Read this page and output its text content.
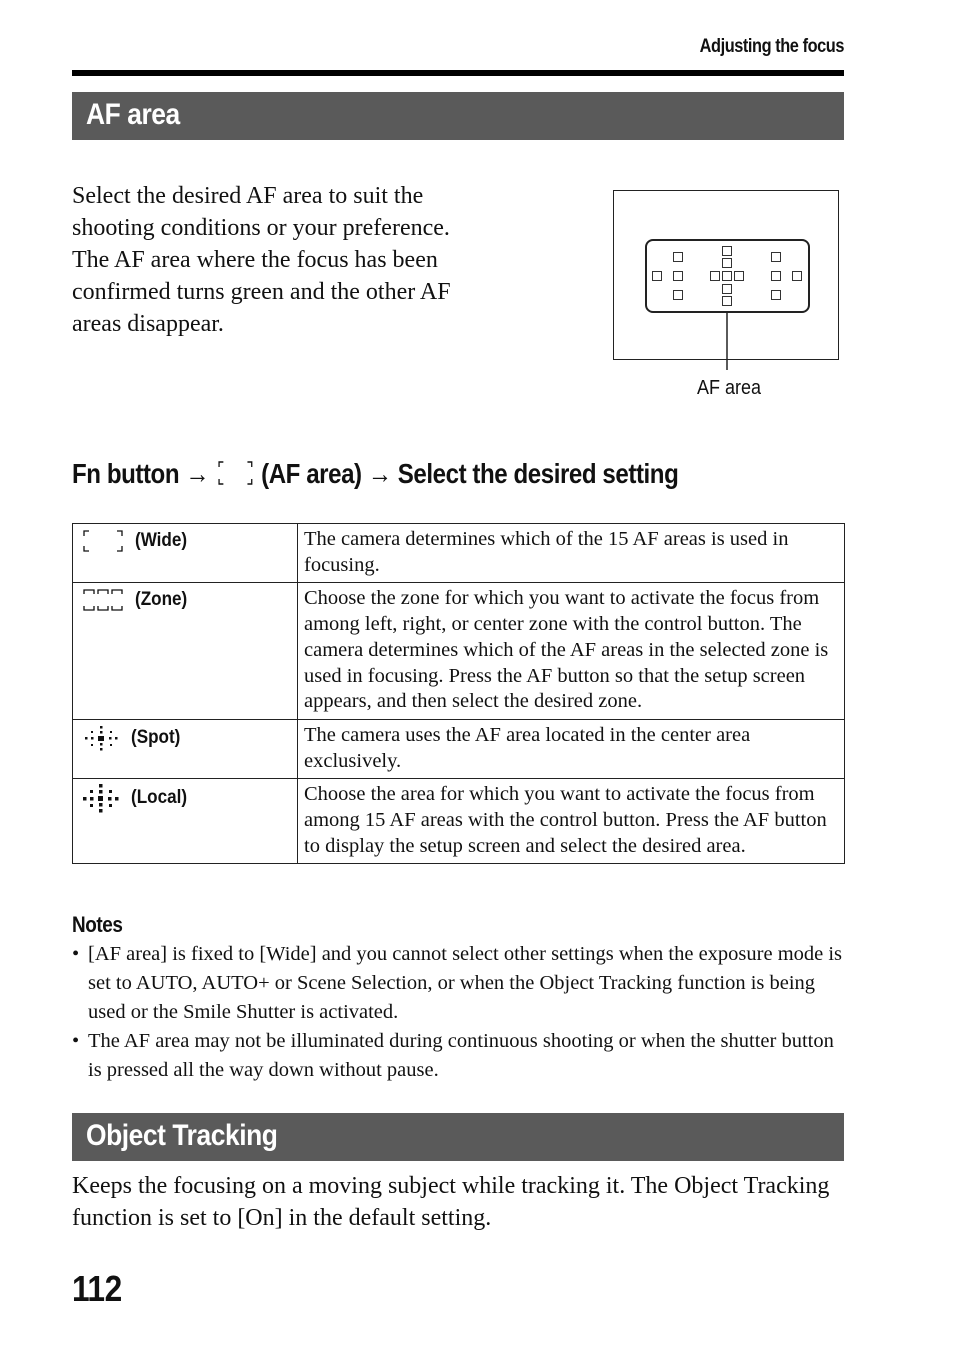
Adjusting the focus
AF area
Select the desired AF area to suit the shooting conditions or your preference. The AF area where the focus has been confirmed turns green and the other AF areas disappear.
AF area
Fn button → (AF area) → Select the desired setting
(Wide)	The camera determines which of the 15 AF areas is used in focusing.

(Zone)	Choose the zone for which you want to activate the focus from among left, right, or center zone with the control button. The camera determines which of the AF areas in the selected zone is used in focusing. Press the AF button so that the setup screen appears, and then select the desired zone.

(Spot)	The camera uses the AF area located in the center area exclusively.

(Local)	Choose the area for which you want to activate the focus from among 15 AF areas with the control button. Press the AF button to display the setup screen and select the desired area.
Notes
• [AF area] is fixed to [Wide] and you cannot select other settings when the exposure mode is set to AUTO, AUTO+ or Scene Selection, or when the Object Tracking function is being used or the Smile Shutter is activated.
• The AF area may not be illuminated during continuous shooting or when the shutter button is pressed all the way down without pause.
Object Tracking
Keeps the focusing on a moving subject while tracking it. The Object Tracking function is set to [On] in the default setting.
112
